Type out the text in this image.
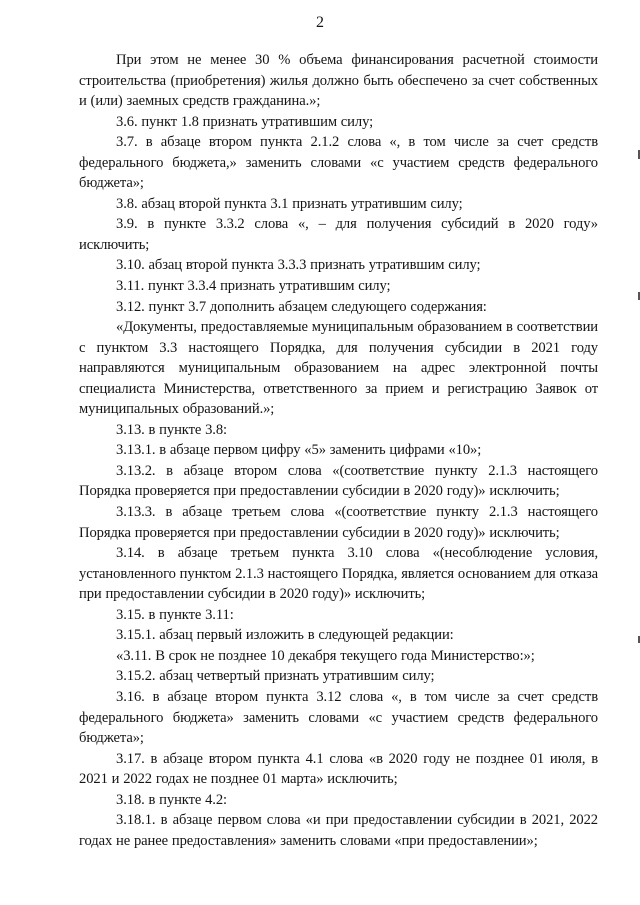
2

При этом не менее 30 % объема финансирования расчетной стоимости строительства (приобретения) жилья должно быть обеспечено за счет собственных и (или) заемных средств гражданина.»;

3.6. пункт 1.8 признать утратившим силу;

3.7. в абзаце втором пункта 2.1.2 слова «, в том числе за счет средств федерального бюджета,» заменить словами «с участием средств федерального бюджета»;

3.8. абзац второй пункта 3.1 признать утратившим силу;

3.9. в пункте 3.3.2 слова «, – для получения субсидий в 2020 году» исключить;

3.10. абзац второй пункта 3.3.3 признать утратившим силу;

3.11. пункт 3.3.4 признать утратившим силу;

3.12. пункт 3.7 дополнить абзацем следующего содержания:

«Документы, предоставляемые муниципальным образованием в соответствии с пунктом 3.3 настоящего Порядка, для получения субсидии в 2021 году направляются муниципальным образованием на адрес электронной почты специалиста Министерства, ответственного за прием и регистрацию Заявок от муниципальных образований.»;

3.13. в пункте 3.8:

3.13.1. в абзаце первом цифру «5» заменить цифрами «10»;

3.13.2. в абзаце втором слова «(соответствие пункту 2.1.3 настоящего Порядка проверяется при предоставлении субсидии в 2020 году)» исключить;

3.13.3. в абзаце третьем слова «(соответствие пункту 2.1.3 настоящего Порядка проверяется при предоставлении субсидии в 2020 году)» исключить;

3.14. в абзаце третьем пункта 3.10 слова «(несоблюдение условия, установленного пунктом 2.1.3 настоящего Порядка, является основанием для отказа при предоставлении субсидии в 2020 году)» исключить;

3.15. в пункте 3.11:

3.15.1. абзац первый изложить в следующей редакции:

«3.11. В срок не позднее 10 декабря текущего года Министерство:»;

3.15.2. абзац четвертый признать утратившим силу;

3.16. в абзаце втором пункта 3.12 слова «, в том числе за счет средств федерального бюджета» заменить словами «с участием средств федерального бюджета»;

3.17. в абзаце втором пункта 4.1 слова «в 2020 году не позднее 01 июля, в 2021 и 2022 годах не позднее 01 марта» исключить;

3.18. в пункте 4.2:

3.18.1. в абзаце первом слова «и при предоставлении субсидии в 2021, 2022 годах не ранее предоставления» заменить словами «при предоставлении»;
